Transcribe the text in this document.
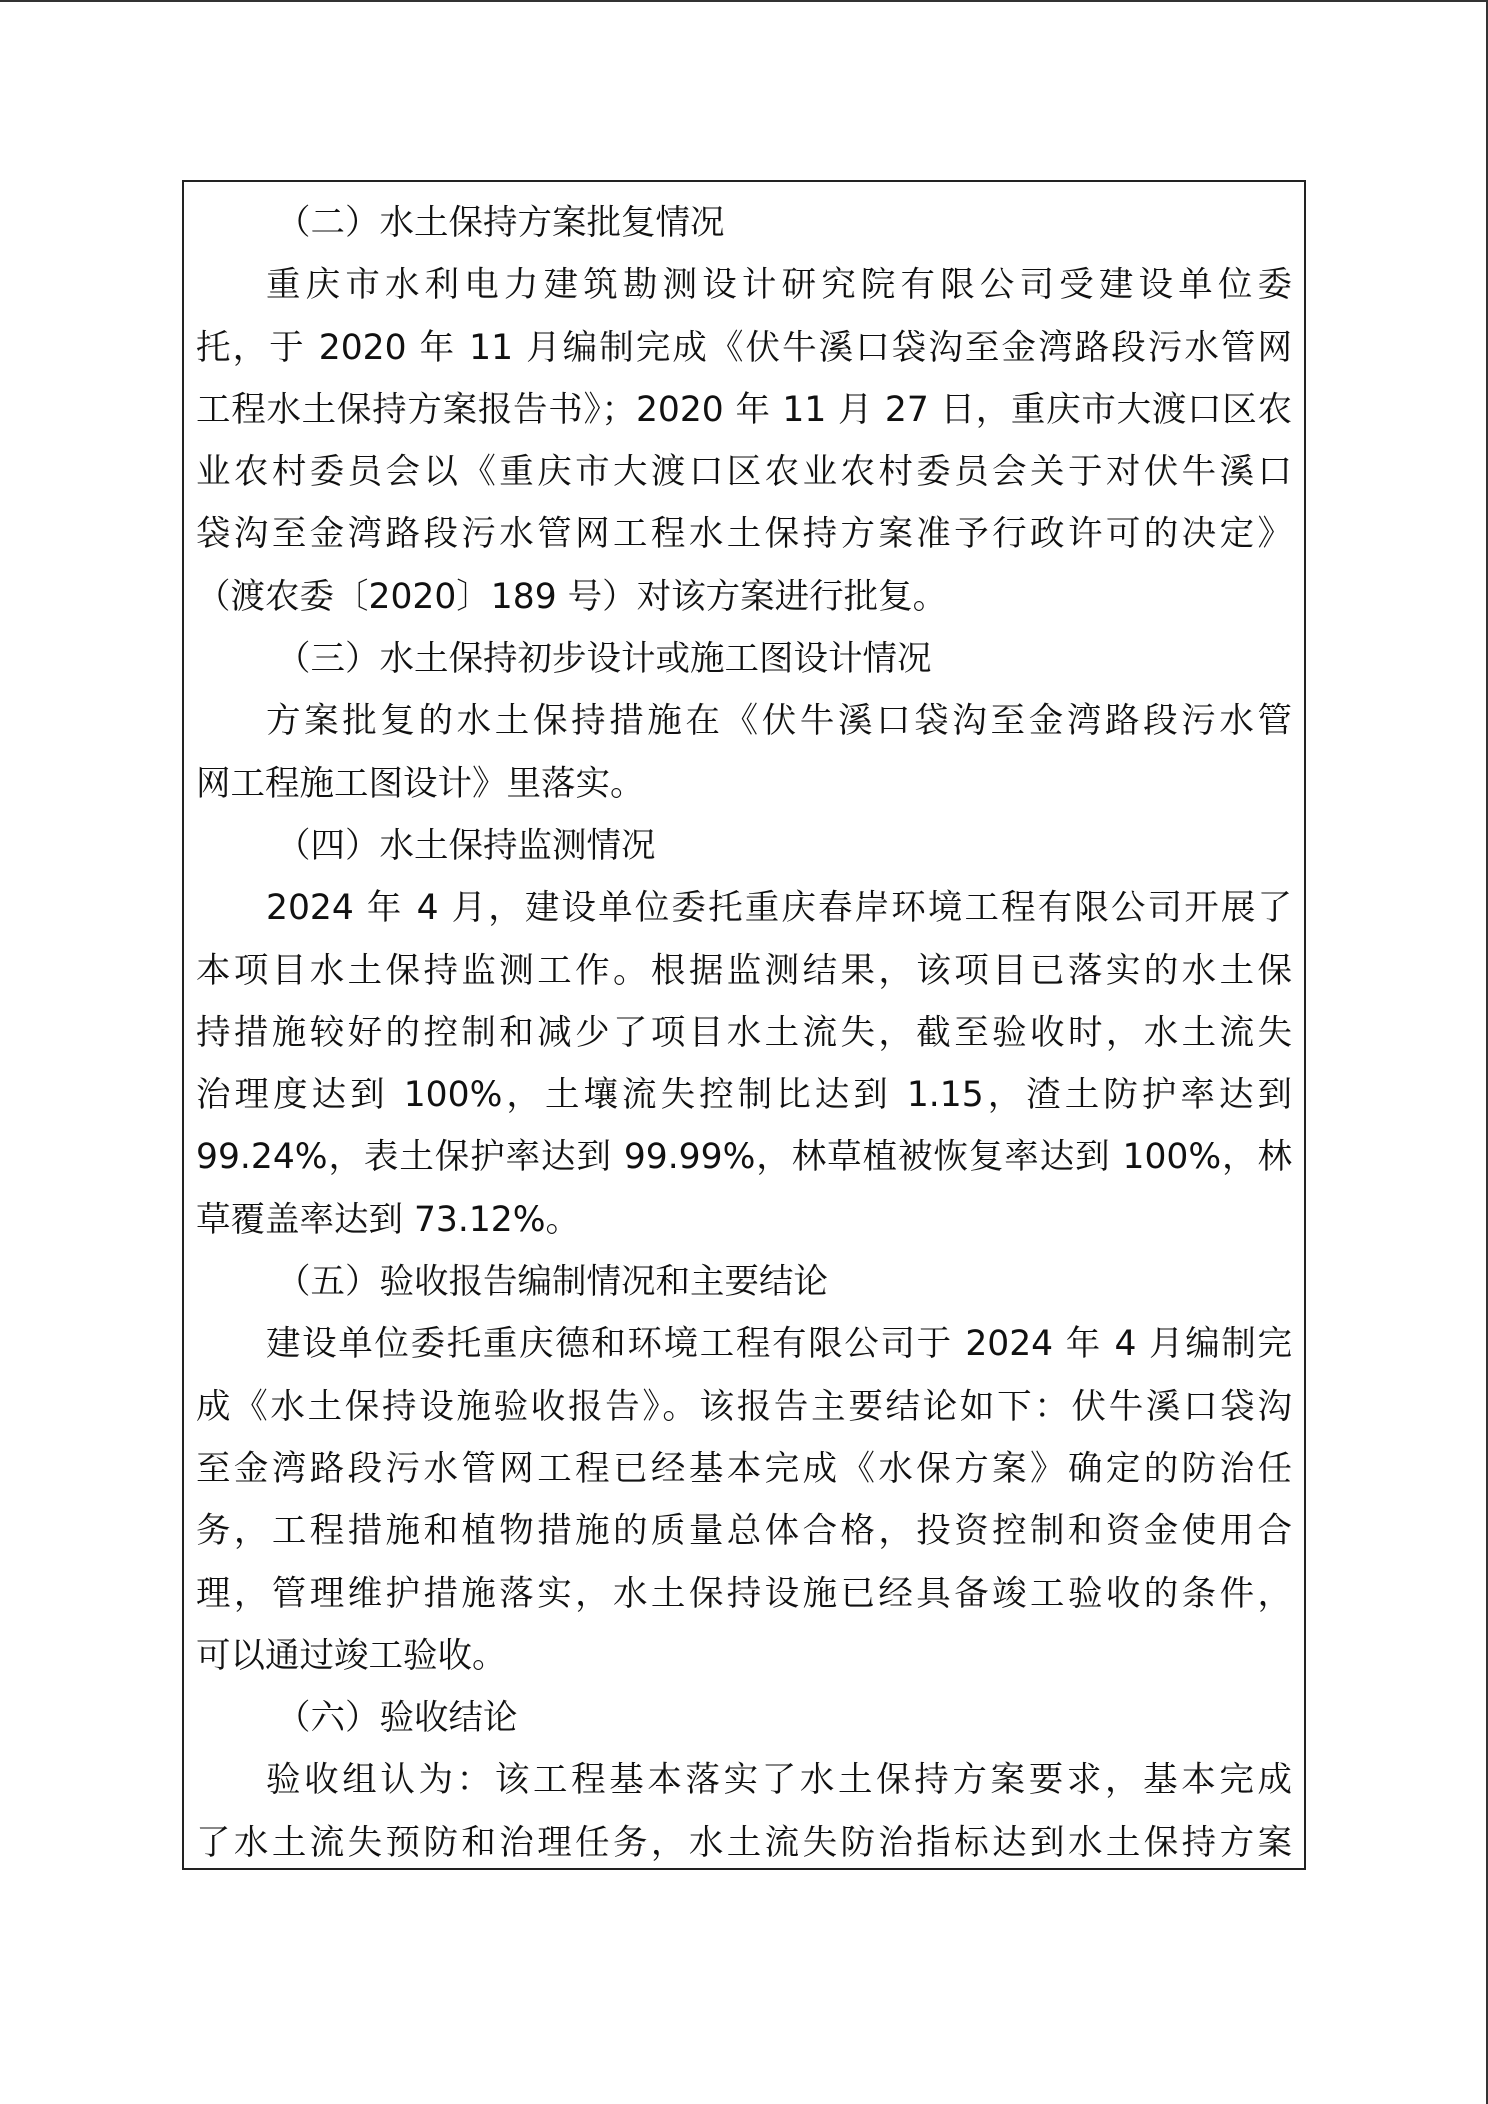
（二）水土保持方案批复情况
重庆市水利电力建筑勘测设计研究院有限公司受建设单位委
托，于 2020 年 11 月编制完成《伏牛溪口袋沟至金湾路段污水管网
工程水土保持方案报告书》；2020 年 11 月 27 日，重庆市大渡口区农
业农村委员会以《重庆市大渡口区农业农村委员会关于对伏牛溪口
袋沟至金湾路段污水管网工程水土保持方案准予行政许可的决定》
（渡农委〔2020〕189 号）对该方案进行批复。
（三）水土保持初步设计或施工图设计情况
方案批复的水土保持措施在《伏牛溪口袋沟至金湾路段污水管
网工程施工图设计》里落实。
（四）水土保持监测情况
2024 年 4 月，建设单位委托重庆春岸环境工程有限公司开展了
本项目水土保持监测工作。根据监测结果，该项目已落实的水土保
持措施较好的控制和减少了项目水土流失，截至验收时，水土流失
治理度达到 100%，土壤流失控制比达到 1.15，渣土防护率达到
99.24%，表土保护率达到 99.99%，林草植被恢复率达到 100%，林
草覆盖率达到 73.12%。
（五）验收报告编制情况和主要结论
建设单位委托重庆德和环境工程有限公司于 2024 年 4 月编制完
成《水土保持设施验收报告》。该报告主要结论如下：伏牛溪口袋沟
至金湾路段污水管网工程已经基本完成《水保方案》确定的防治任
务，工程措施和植物措施的质量总体合格，投资控制和资金使用合
理，管理维护措施落实，水土保持设施已经具备竣工验收的条件，
可以通过竣工验收。
（六）验收结论
验收组认为：该工程基本落实了水土保持方案要求，基本完成
了水土流失预防和治理任务，水土流失防治指标达到水土保持方案
